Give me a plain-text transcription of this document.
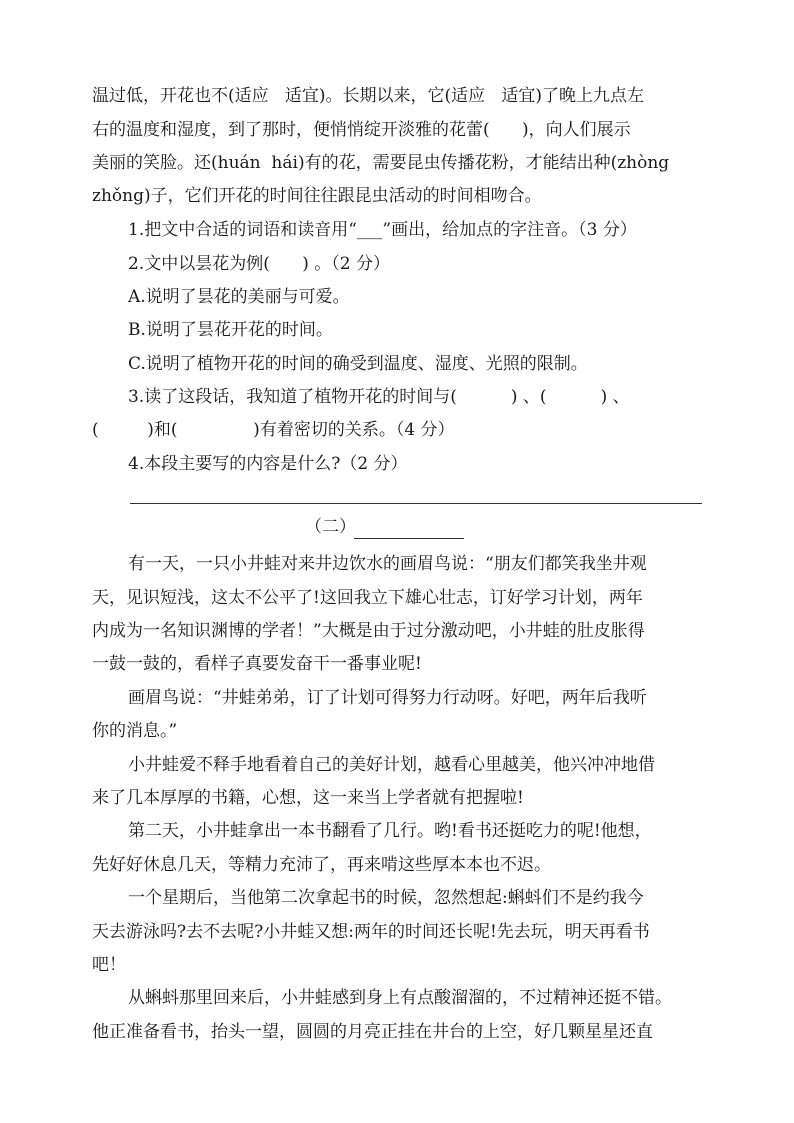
温过低，开花也不(适应   适宜)。长期以来，它(适应   适宜)了晚上九点左
右的温度和湿度，到了那时，便悄悄绽开淡雅的花蕾(      )，向人们展示
美丽的笑脸。还(huán  hái)有的花，需要昆虫传播花粉，才能结出种(zhòng
zhǒng)子，它们开花的时间往往跟昆虫活动的时间相吻合。
1.把文中合适的词语和读音用“___”画出，给加点的字注音。（3 分）
2.文中以昙花为例(      ) 。（2 分）
A.说明了昙花的美丽与可爱。
B.说明了昙花开花的时间。
C.说明了植物开花的时间的确受到温度、湿度、光照的限制。
3.读了这段话，我知道了植物开花的时间与(          ) 、(          ) 、
(         )和(              )有着密切的关系。（4 分）
4.本段主要写的内容是什么?（2 分）
（二）
有一天，一只小井蛙对来井边饮水的画眉鸟说：“朋友们都笑我坐井观
天，见识短浅，这太不公平了!这回我立下雄心壮志，订好学习计划，两年
内成为一名知识渊博的学者！”大概是由于过分激动吧，小井蛙的肚皮胀得
一鼓一鼓的，看样子真要发奋干一番事业呢!
画眉鸟说：“井蛙弟弟，订了计划可得努力行动呀。好吧，两年后我听
你的消息。”
小井蛙爱不释手地看着自己的美好计划，越看心里越美，他兴冲冲地借
来了几本厚厚的书籍，心想，这一来当上学者就有把握啦!
第二天，小井蛙拿出一本书翻看了几行。哟!看书还挺吃力的呢!他想，
先好好休息几天，等精力充沛了，再来啃这些厚本本也不迟。
一个星期后，当他第二次拿起书的时候，忽然想起:蝌蚪们不是约我今
天去游泳吗?去不去呢?小井蛙又想:两年的时间还长呢!先去玩，明天再看书
吧！
从蝌蚪那里回来后，小井蛙感到身上有点酸溜溜的，不过精神还挺不错。
他正准备看书，抬头一望，圆圆的月亮正挂在井台的上空，好几颗星星还直
